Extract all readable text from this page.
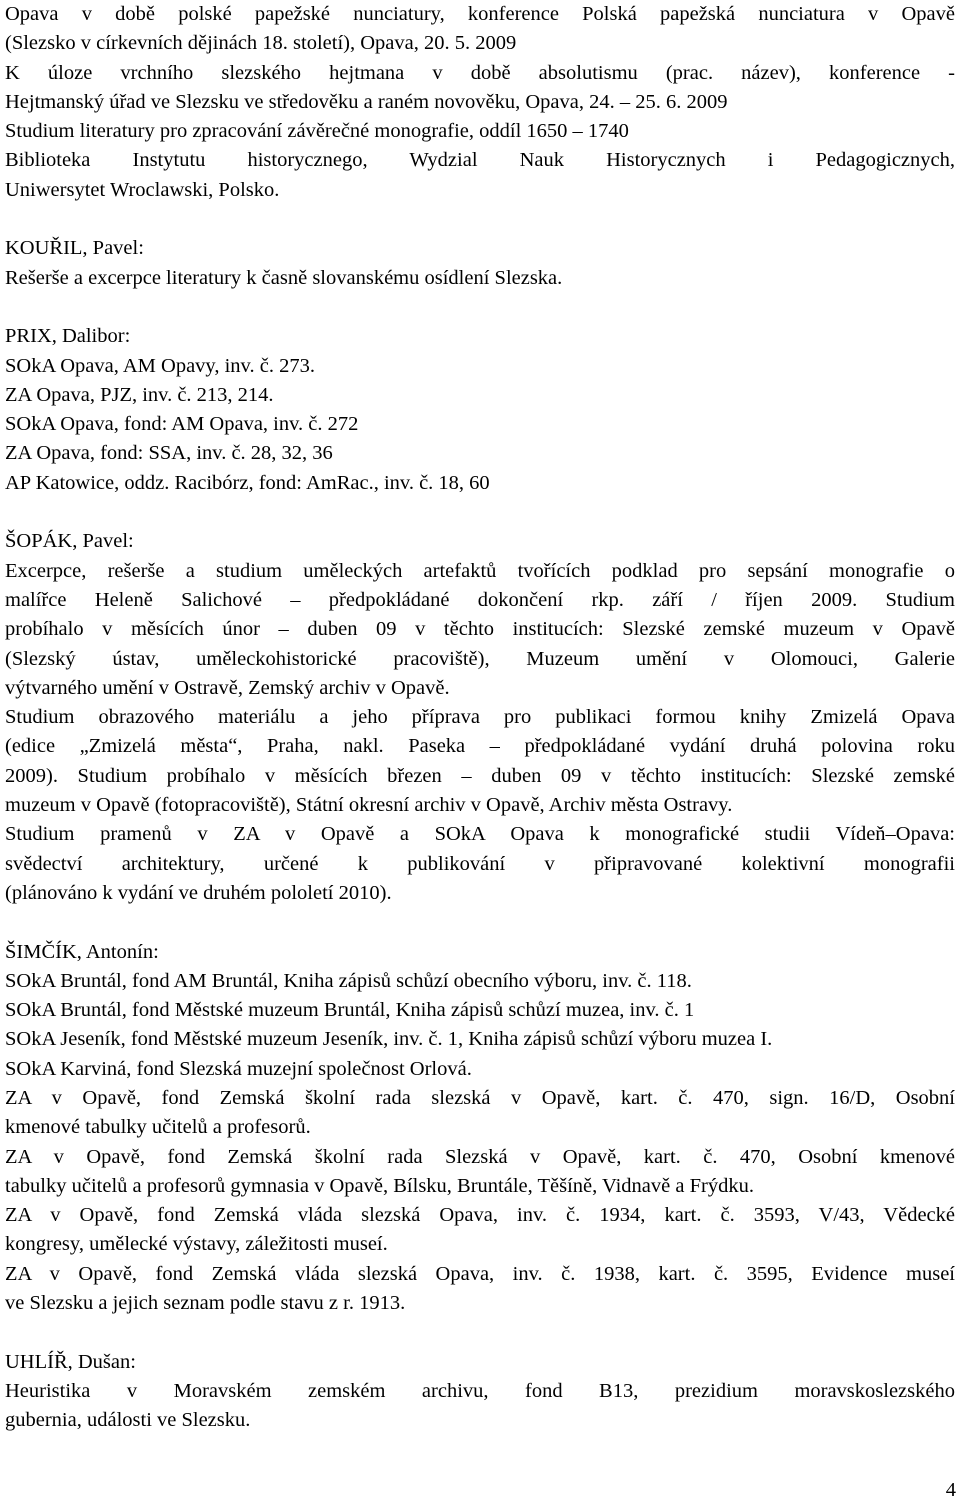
Opava v době polské papežské nunciatury, konference Polská papežská nunciatura v Opavě
(Slezsko v církevních dějinách 18. století), Opava, 20. 5. 2009
K úloze vrchního slezského hejtmana v době absolutismu (prac. název), konference -
Hejtmanský úřad ve Slezsku ve středověku a raném novověku, Opava, 24. – 25. 6. 2009
Studium literatury pro zpracování závěrečné monografie, oddíl 1650 – 1740
Biblioteka Instytutu historycznego, Wydzial Nauk Historycznych i Pedagogicznych,
Uniwersytet Wroclawski, Polsko.
KOUŘIL, Pavel:
Rešerše a excerpce literatury k časně slovanskému osídlení Slezska.
PRIX, Dalibor:
SOkA Opava, AM Opavy, inv. č. 273.
ZA Opava, PJZ, inv. č. 213, 214.
SOkA Opava, fond: AM Opava, inv. č. 272
ZA Opava, fond: SSA, inv. č. 28, 32, 36
AP Katowice, oddz. Racibórz, fond: AmRac., inv. č. 18, 60
ŠOPÁK, Pavel:
Excerpce, rešerše a studium uměleckých artefaktů tvořících podklad pro sepsání monografie o
malířce Heleně Salichové – předpokládané dokončení rkp. září / říjen 2009. Studium
probíhalo v měsících únor – duben 09 v těchto institucích: Slezské zemské muzeum v Opavě
(Slezský ústav, uměleckohistorické pracoviště), Muzeum umění v Olomouci, Galerie
výtvarného umění v Ostravě, Zemský archiv v Opavě.
Studium obrazového materiálu a jeho příprava pro publikaci formou knihy Zmizelá Opava
(edice „Zmizelá města“, Praha, nakl. Paseka – předpokládané vydání druhá polovina roku
2009). Studium probíhalo v měsících březen – duben 09 v těchto institucích: Slezské zemské
muzeum v Opavě (fotopracoviště), Státní okresní archiv v Opavě, Archiv města Ostravy.
Studium pramenů v ZA v Opavě a SOkA Opava k monografické studii Vídeň–Opava:
svědectví architektury, určené k publikování v připravované kolektivní monografii
(plánováno k vydání ve druhém pololetí 2010).
ŠIMČÍK, Antonín:
SOkA Bruntál, fond AM Bruntál, Kniha zápisů schůzí obecního výboru, inv. č. 118.
SOkA Bruntál, fond Městské muzeum Bruntál, Kniha zápisů schůzí muzea, inv. č. 1
SOkA Jeseník, fond Městské muzeum Jeseník, inv. č. 1, Kniha zápisů schůzí výboru muzea I.
SOkA Karviná, fond Slezská muzejní společnost Orlová.
ZA v Opavě, fond Zemská školní rada slezská v Opavě, kart. č. 470, sign. 16/D, Osobní
kmenové tabulky učitelů a profesorů.
ZA v Opavě, fond Zemská školní rada Slezská v Opavě, kart. č. 470, Osobní kmenové
tabulky učitelů a profesorů gymnasia v Opavě, Bílsku, Bruntále, Těšíně, Vidnavě a Frýdku.
ZA v Opavě, fond Zemská vláda slezská Opava, inv. č. 1934, kart. č. 3593, V/43, Vědecké
kongresy, umělecké výstavy, záležitosti museí.
ZA v Opavě, fond Zemská vláda slezská Opava, inv. č. 1938, kart. č. 3595, Evidence museí
ve Slezsku a jejich seznam podle stavu z r. 1913.
UHLÍŘ, Dušan:
Heuristika v Moravském zemském archivu, fond B13, prezidium moravskoslezského
gubernia, události ve Slezsku.
4
